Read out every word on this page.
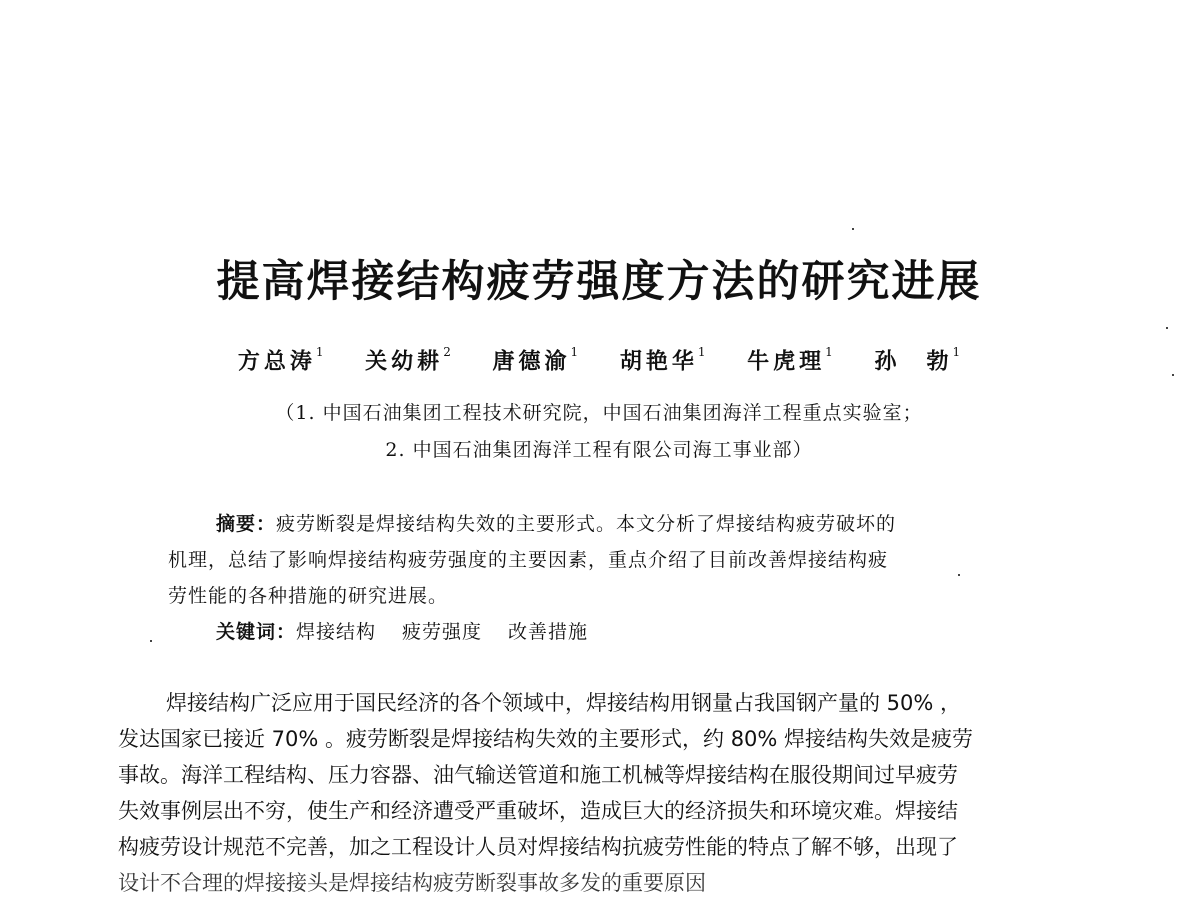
提高焊接结构疲劳强度方法的研究进展
方总涛$^1$ 关幼耕$^2$ 唐德渝$^1$ 胡艳华$^1$ 牛虎理$^1$ 孙　勃$^1$
（1. 中国石油集团工程技术研究院，中国石油集团海洋工程重点实验室；
2. 中国石油集团海洋工程有限公司海工事业部）
摘要：疲劳断裂是焊接结构失效的主要形式。本文分析了焊接结构疲劳破坏的
机理，总结了影响焊接结构疲劳强度的主要因素，重点介绍了目前改善焊接结构疲
劳性能的各种措施的研究进展。
关键词：焊接结构 疲劳强度 改善措施
焊接结构广泛应用于国民经济的各个领域中，焊接结构用钢量占我国钢产量的 50% ，
发达国家已接近 70% 。疲劳断裂是焊接结构失效的主要形式，约 80% 焊接结构失效是疲劳
事故。海洋工程结构、压力容器、油气输送管道和施工机械等焊接结构在服役期间过早疲劳
失效事例层出不穷，使生产和经济遭受严重破坏，造成巨大的经济损失和环境灾难。焊接结
构疲劳设计规范不完善，加之工程设计人员对焊接结构抗疲劳性能的特点了解不够，出现了
设计不合理的焊接接头是焊接结构疲劳断裂事故多发的重要原因
